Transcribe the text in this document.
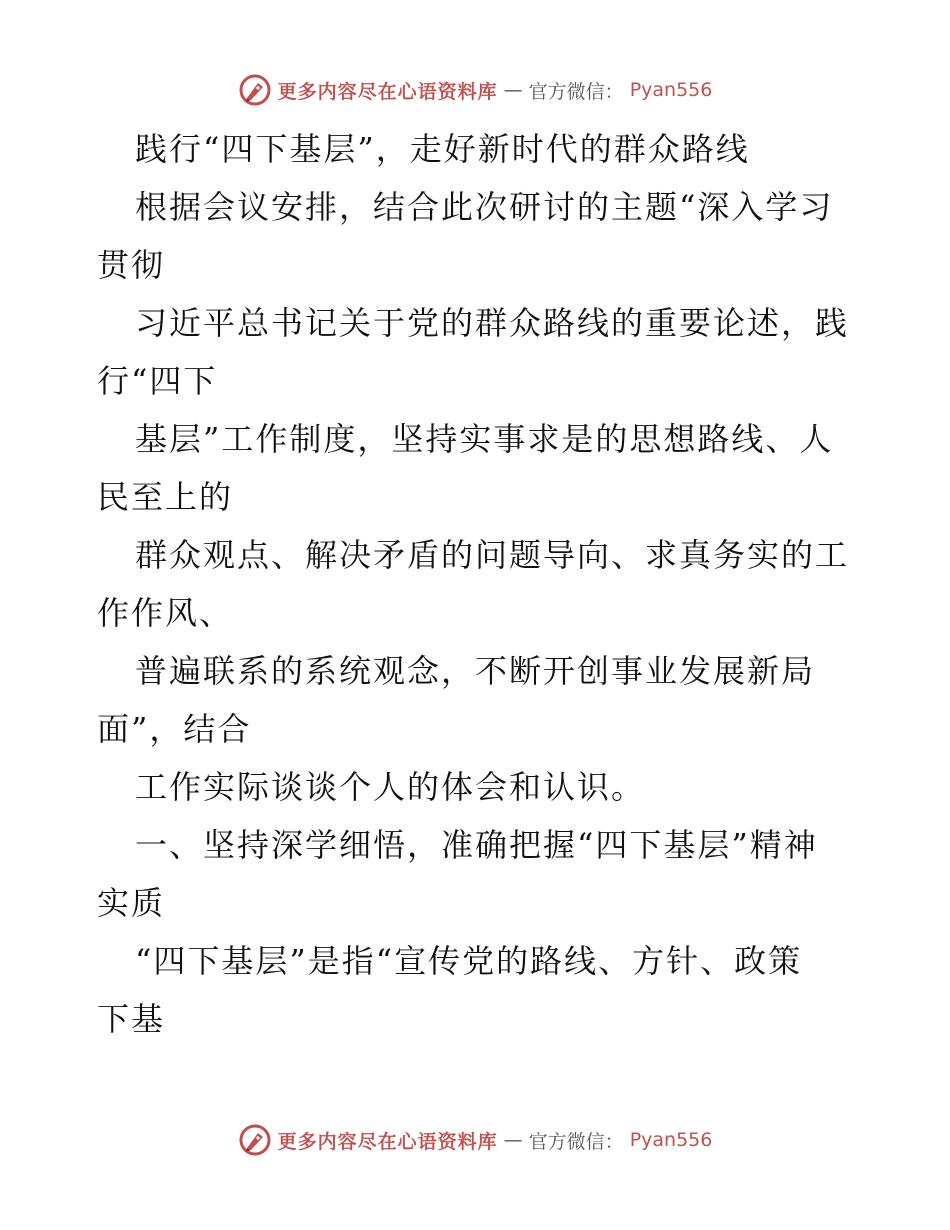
更多内容尽在心语资料库 — 官方微信： Pyan556
践行“四下基层”，走好新时代的群众路线
根据会议安排，结合此次研讨的主题“深入学习
贯彻
习近平总书记关于党的群众路线的重要论述，践
行“四下
基层”工作制度，坚持实事求是的思想路线、人
民至上的
群众观点、解决矛盾的问题导向、求真务实的工
作作风、
普遍联系的系统观念，不断开创事业发展新局
面”，结合
工作实际谈谈个人的体会和认识。
一、坚持深学细悟，准确把握“四下基层”精神
实质
“四下基层”是指“宣传党的路线、方针、政策
下基
更多内容尽在心语资料库 — 官方微信： Pyan556
